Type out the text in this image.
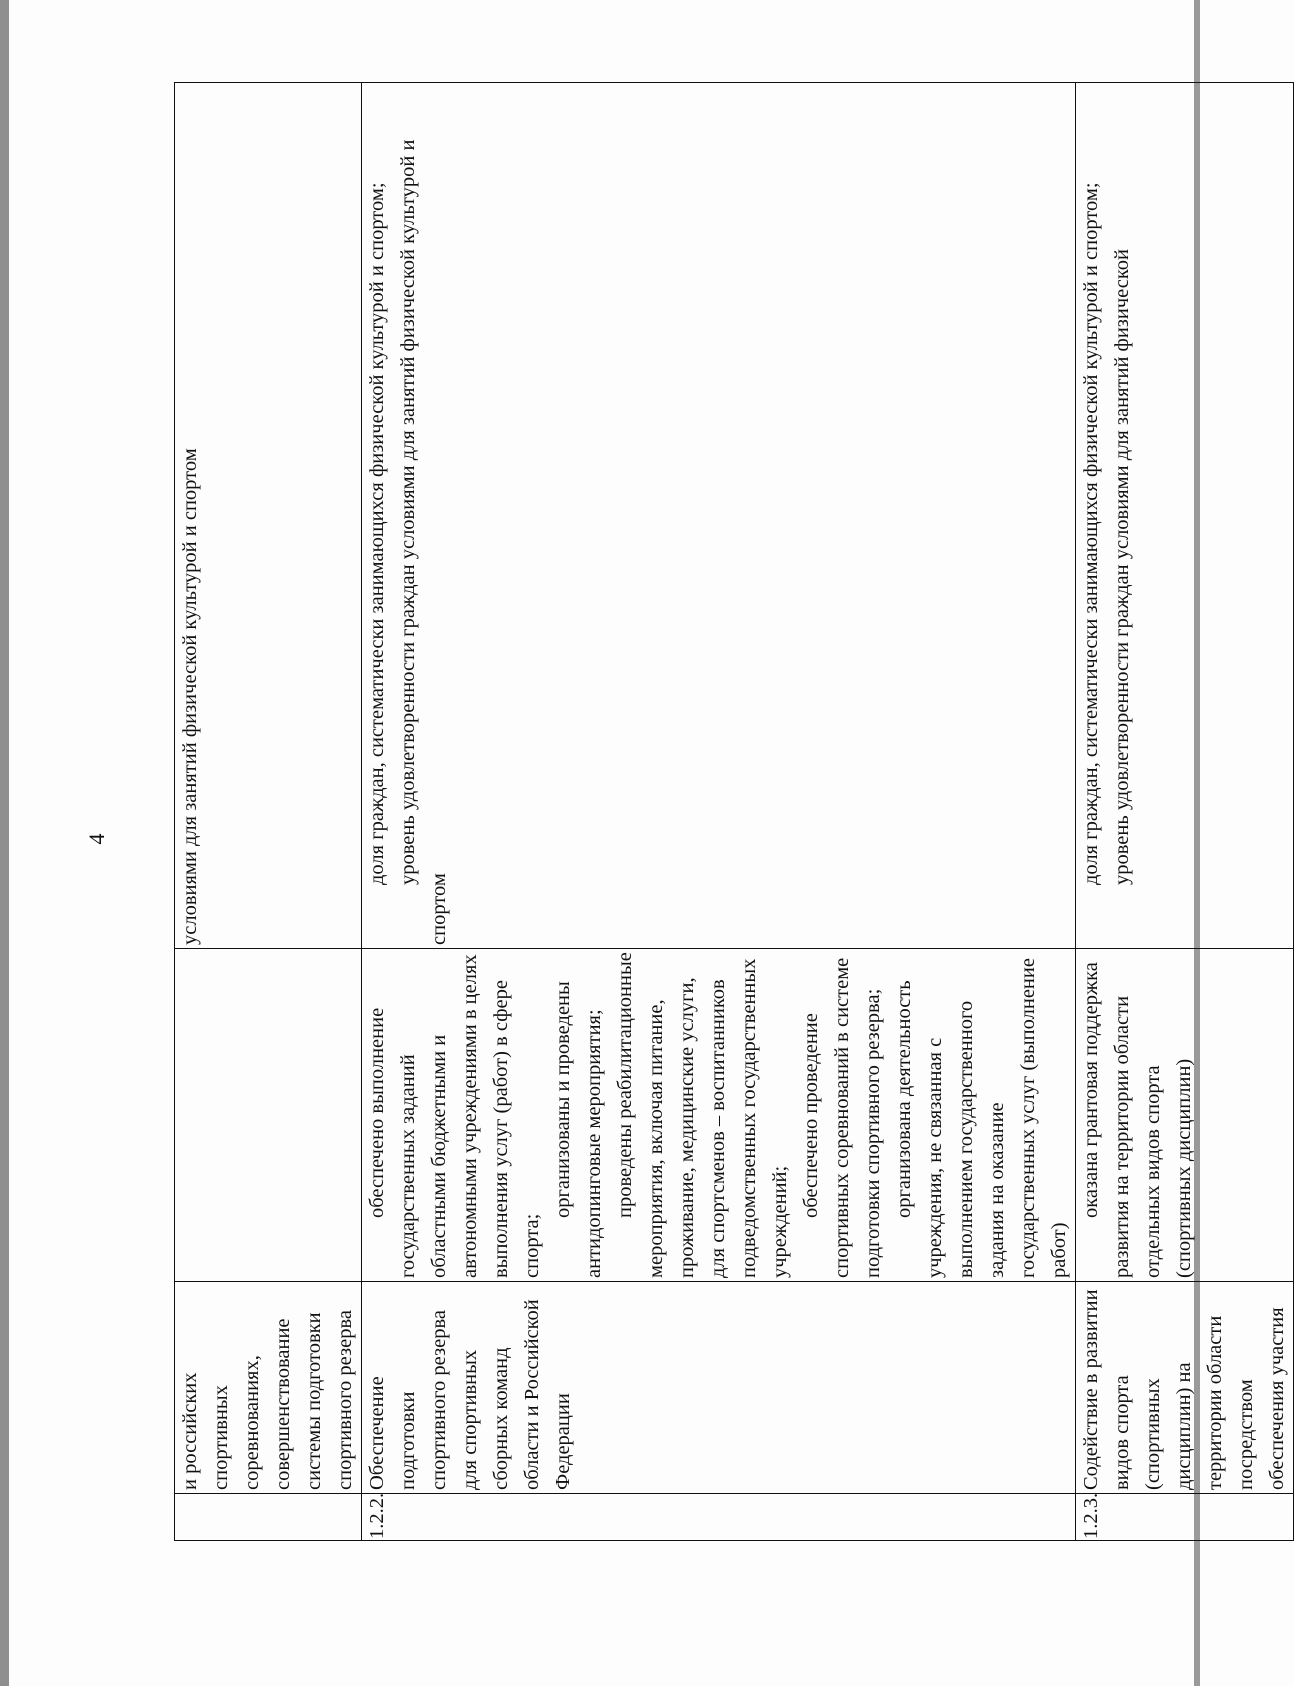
4
	и российских спортивных соревнованиях, совершенствование системы подготовки спортивного резерва		условиями для занятий физической культурой и спортом

1.2.2.	Обеспечение подготовки спортивного резерва для спортивных сборных команд области и Российской Федерации	обеспечено выполнение государственных заданий областными бюджетными и автономными учреждениями в целях выполнения услуг (работ) в сфере спорта;
организованы и проведены антидопинговые мероприятия; проведены реабилитационные мероприятия, включая питание, проживание, медицинские услуги, для спортсменов – воспитанников подведомственных государственных учреждений;
обеспечено проведение спортивных соревнований в системе подготовки спортивного резерва; организована деятельность учреждения, не связанная с выполнением государственного задания на оказание государственных услуг (выполнение работ)	доля граждан, систематически занимающихся физической культурой и спортом; уровень удовлетворенности граждан условиями для занятий физической культурой и спортом

1.2.3.	Содействие в развитии видов спорта (спортивных дисциплин) на территории области посредством обеспечения участия	оказана грантовая поддержка развития на территории области отдельных видов спорта (спортивных дисциплин)	доля граждан, систематически занимающихся физической культурой и спортом; уровень удовлетворенности граждан условиями для занятий физической
